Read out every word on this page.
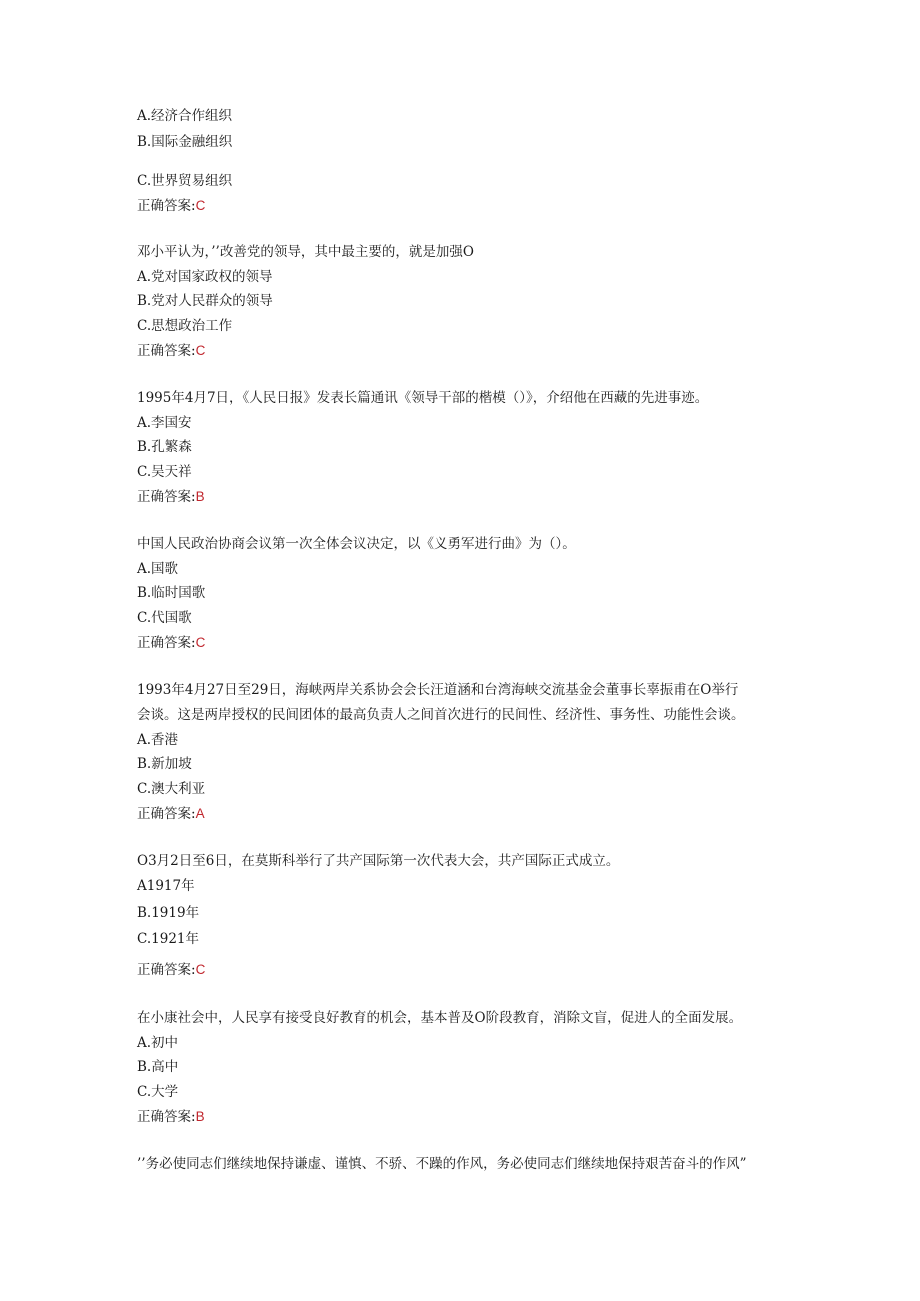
A.经济合作组织
B.国际金融组织
C.世界贸易组织
正确答案:C
邓小平认为，’’改善党的领导，其中最主要的，就是加强O
A.党对国家政权的领导
B.党对人民群众的领导
C.思想政治工作
正确答案:C
1995年4月7日，《人民日报》发表长篇通讯《领导干部的楷模（）》，介绍他在西藏的先进事迹。
A.李国安
B.孔繁森
C.吴天祥
正确答案:B
中国人民政治协商会议第一次全体会议决定，以《义勇军进行曲》为（）。
A.国歌
B.临时国歌
C.代国歌
正确答案:C
1993年4月27日至29日，海峡两岸关系协会会长汪道涵和台湾海峡交流基金会董事长辜振甫在O举行
会谈。这是两岸授权的民间团体的最高负责人之间首次进行的民间性、经济性、事务性、功能性会谈。
A.香港
B.新加坡
C.澳大利亚
正确答案:A
O3月2日至6日，在莫斯科举行了共产国际第一次代表大会，共产国际正式成立。
A1917年
B.1919年
C.1921年
正确答案:C
在小康社会中，人民享有接受良好教育的机会，基本普及O阶段教育，消除文盲，促进人的全面发展。
A.初中
B.高中
C.大学
正确答案:B
’’务必使同志们继续地保持谦虚、谨慎、不骄、不躁的作风，务必使同志们继续地保持艰苦奋斗的作风”
